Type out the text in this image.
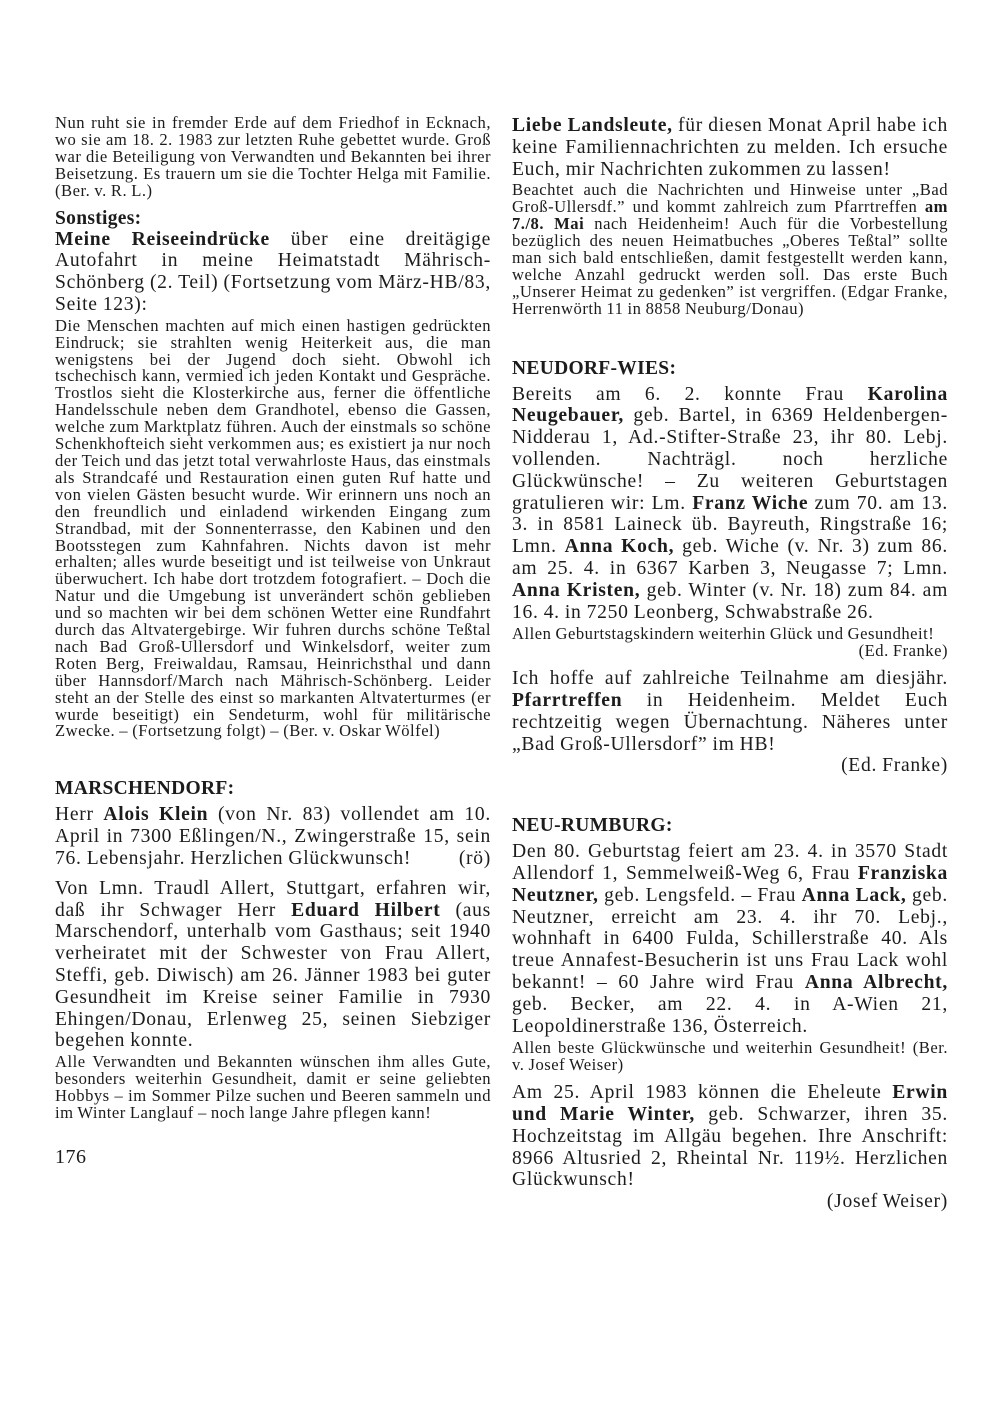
Nun ruht sie in fremder Erde auf dem Friedhof in Ecknach, wo sie am 18. 2. 1983 zur letzten Ruhe gebettet wurde. Groß war die Beteiligung von Verwandten und Bekannten bei ihrer Beisetzung. Es trauern um sie die Tochter Helga mit Familie. (Ber. v. R. L.)

Sonstiges:

Meine Reiseeindrücke über eine dreitägige Autofahrt in meine Heimatstadt Mährisch-Schönberg (2. Teil) (Fortsetzung vom März-HB/83, Seite 123):

Die Menschen machten auf mich einen hastigen gedrückten Eindruck; sie strahlten wenig Heiterkeit aus, die man wenigstens bei der Jugend doch sieht. Obwohl ich tschechisch kann, vermied ich jeden Kontakt und Gespräche. Trostlos sieht die Klosterkirche aus, ferner die öffentliche Handelsschule neben dem Grandhotel, ebenso die Gassen, welche zum Marktplatz führen. Auch der einstmals so schöne Schenkhofteich sieht verkommen aus; es existiert ja nur noch der Teich und das jetzt total verwahrloste Haus, das einstmals als Strandcafé und Restauration einen guten Ruf hatte und von vielen Gästen besucht wurde. Wir erinnern uns noch an den freundlich und einladend wirkenden Eingang zum Strandbad, mit der Sonnenterrasse, den Kabinen und den Bootsstegen zum Kahnfahren. Nichts davon ist mehr erhalten; alles wurde beseitigt und ist teilweise von Unkraut überwuchert. Ich habe dort trotzdem fotografiert. – Doch die Natur und die Umgebung ist unverändert schön geblieben und so machten wir bei dem schönen Wetter eine Rundfahrt durch das Altvatergebirge. Wir fuhren durchs schöne Teßtal nach Bad Groß-Ullersdorf und Winkelsdorf, weiter zum Roten Berg, Freiwaldau, Ramsau, Heinrichsthal und dann über Hannsdorf/March nach Mährisch-Schönberg. Leider steht an der Stelle des einst so markanten Altvaterturmes (er wurde beseitigt) ein Sendeturm, wohl für militärische Zwecke. – (Fortsetzung folgt) – (Ber. v. Oskar Wölfel)

MARSCHENDORF:

Herr Alois Klein (von Nr. 83) vollendet am 10. April in 7300 Eßlingen/N., Zwingerstraße 15, sein 76. Lebensjahr. Herzlichen Glückwunsch! (rö)

Von Lmn. Traudl Allert, Stuttgart, erfahren wir, daß ihr Schwager Herr Eduard Hilbert (aus Marschendorf, unterhalb vom Gasthaus; seit 1940 verheiratet mit der Schwester von Frau Allert, Steffi, geb. Diwisch) am 26. Jänner 1983 bei guter Gesundheit im Kreise seiner Familie in 7930 Ehingen/Donau, Erlenweg 25, seinen Siebziger begehen konnte.

Alle Verwandten und Bekannten wünschen ihm alles Gute, besonders weiterhin Gesundheit, damit er seine geliebten Hobbys – im Sommer Pilze suchen und Beeren sammeln und im Winter Langlauf – noch lange Jahre pflegen kann!

176

Liebe Landsleute, für diesen Monat April habe ich keine Familiennachrichten zu melden. Ich ersuche Euch, mir Nachrichten zukommen zu lassen!

Beachtet auch die Nachrichten und Hinweise unter „Bad Groß-Ullersdf.” und kommt zahlreich zum Pfarrtreffen am 7./8. Mai nach Heidenheim! Auch für die Vorbestellung bezüglich des neuen Heimatbuches „Oberes Teßtal” sollte man sich bald entschließen, damit festgestellt werden kann, welche Anzahl gedruckt werden soll. Das erste Buch „Unserer Heimat zu gedenken” ist vergriffen. (Edgar Franke, Herrenwörth 11 in 8858 Neuburg/Donau)

NEUDORF-WIES:

Bereits am 6. 2. konnte Frau Karolina Neugebauer, geb. Bartel, in 6369 Heldenbergen-Nidderau 1, Ad.-Stifter-Straße 23, ihr 80. Lebj. vollenden. Nachträgl. noch herzliche Glückwünsche! – Zu weiteren Geburtstagen gratulieren wir: Lm. Franz Wiche zum 70. am 13. 3. in 8581 Laineck üb. Bayreuth, Ringstraße 16; Lmn. Anna Koch, geb. Wiche (v. Nr. 3) zum 86. am 25. 4. in 6367 Karben 3, Neugasse 7; Lmn. Anna Kristen, geb. Winter (v. Nr. 18) zum 84. am 16. 4. in 7250 Leonberg, Schwabstraße 26.

Allen Geburtstagskindern weiterhin Glück und Gesundheit!
(Ed. Franke)

Ich hoffe auf zahlreiche Teilnahme am diesjähr. Pfarrtreffen in Heidenheim. Meldet Euch rechtzeitig wegen Übernachtung. Näheres unter „Bad Groß-Ullersdorf” im HB!
(Ed. Franke)

NEU-RUMBURG:

Den 80. Geburtstag feiert am 23. 4. in 3570 Stadt Allendorf 1, Semmelweiß-Weg 6, Frau Franziska Neutzner, geb. Lengsfeld. – Frau Anna Lack, geb. Neutzner, erreicht am 23. 4. ihr 70. Lebj., wohnhaft in 6400 Fulda, Schillerstraße 40. Als treue Annafest-Besucherin ist uns Frau Lack wohl bekannt! – 60 Jahre wird Frau Anna Albrecht, geb. Becker, am 22. 4. in A-Wien 21, Leopoldinerstraße 136, Österreich.

Allen beste Glückwünsche und weiterhin Gesundheit! (Ber. v. Josef Weiser)

Am 25. April 1983 können die Eheleute Erwin und Marie Winter, geb. Schwarzer, ihren 35. Hochzeitstag im Allgäu begehen. Ihre Anschrift: 8966 Altusried 2, Rheintal Nr. 119½. Herzlichen Glückwunsch!
(Josef Weiser)
